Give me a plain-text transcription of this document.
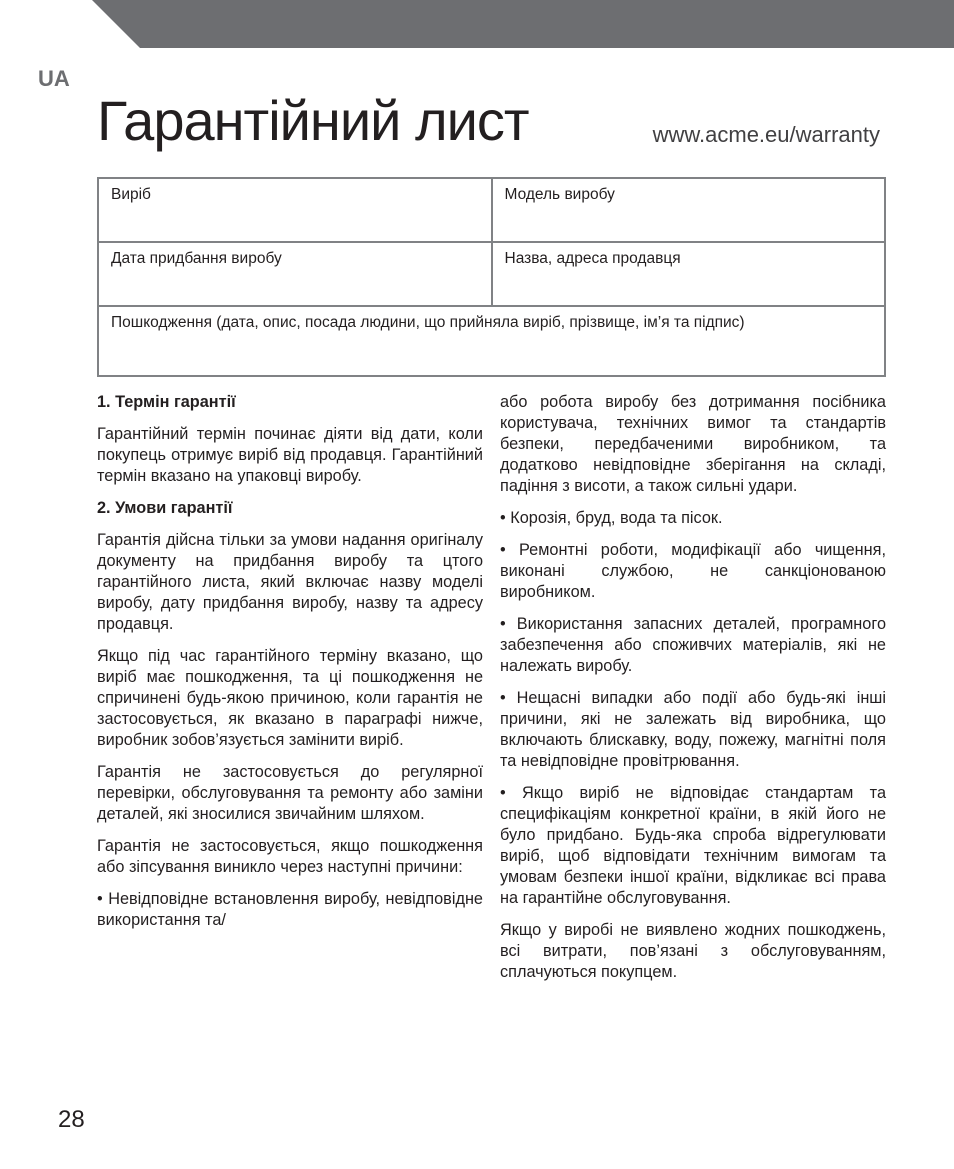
UA
Гарантійний лист	www.acme.eu/warranty
Виріб	Модель виробу
Дата придбання виробу	Назва, адреса продавця
Пошкодження (дата, опис, посада людини, що прийняла виріб, прізвище, ім’я та підпис)	
1. Термін гарантії

Гарантійний термін починає діяти від дати, коли покупець отримує виріб від продавця. Гарантійний термін вказано на упаковці виробу.

2. Умови гарантії

Гарантія дійсна тільки за умови надання оригіналу документу на придбання виробу та цтого гарантійного листа, який включає назву моделі виробу, дату придбання виробу, назву та адресу продавця.

Якщо під час гарантійного терміну вказано, що виріб має пошкодження, та ці пошкодження не спричинені будь-якою причиною, коли гарантія не застосовується, як вказано в параграфі нижче, виробник зобов’язується замінити виріб.

Гарантія не застосовується до регулярної перевірки, обслуговування та ремонту або заміни деталей, які зносилися звичайним шляхом.

Гарантія не застосовується, якщо пошкодження або зіпсування виникло через наступні причини:

• Невідповідне встановлення виробу, невідповідне використання та/

або робота виробу без дотримання посібника користувача, технічних вимог та стандартів безпеки, передбаченими виробником, та додатково невідповідне зберігання на складі, падіння з висоти, а також сильні удари.

• Корозія, бруд, вода та пісок.

• Ремонтні роботи, модифікації або чищення, виконані службою, не санкціонованою виробником.

• Використання запасних деталей, програмного забезпечення або споживчих матеріалів, які не належать виробу.

• Нещасні випадки або події або будь-які інші причини, які не залежать від виробника, що включають блискавку, воду, пожежу, магнітні поля та невідповідне провітрювання.

• Якщо виріб не відповідає стандартам та специфікаціям конкретної країни, в якій його не було придбано. Будь-яка спроба відрегулювати виріб, щоб відповідати технічним вимогам та умовам безпеки іншої країни, відкликає всі права на гарантійне обслуговування.

Якщо у виробі не виявлено жодних пошкоджень, всі витрати, пов’язані з обслуговуванням, сплачуються покупцем.

28
